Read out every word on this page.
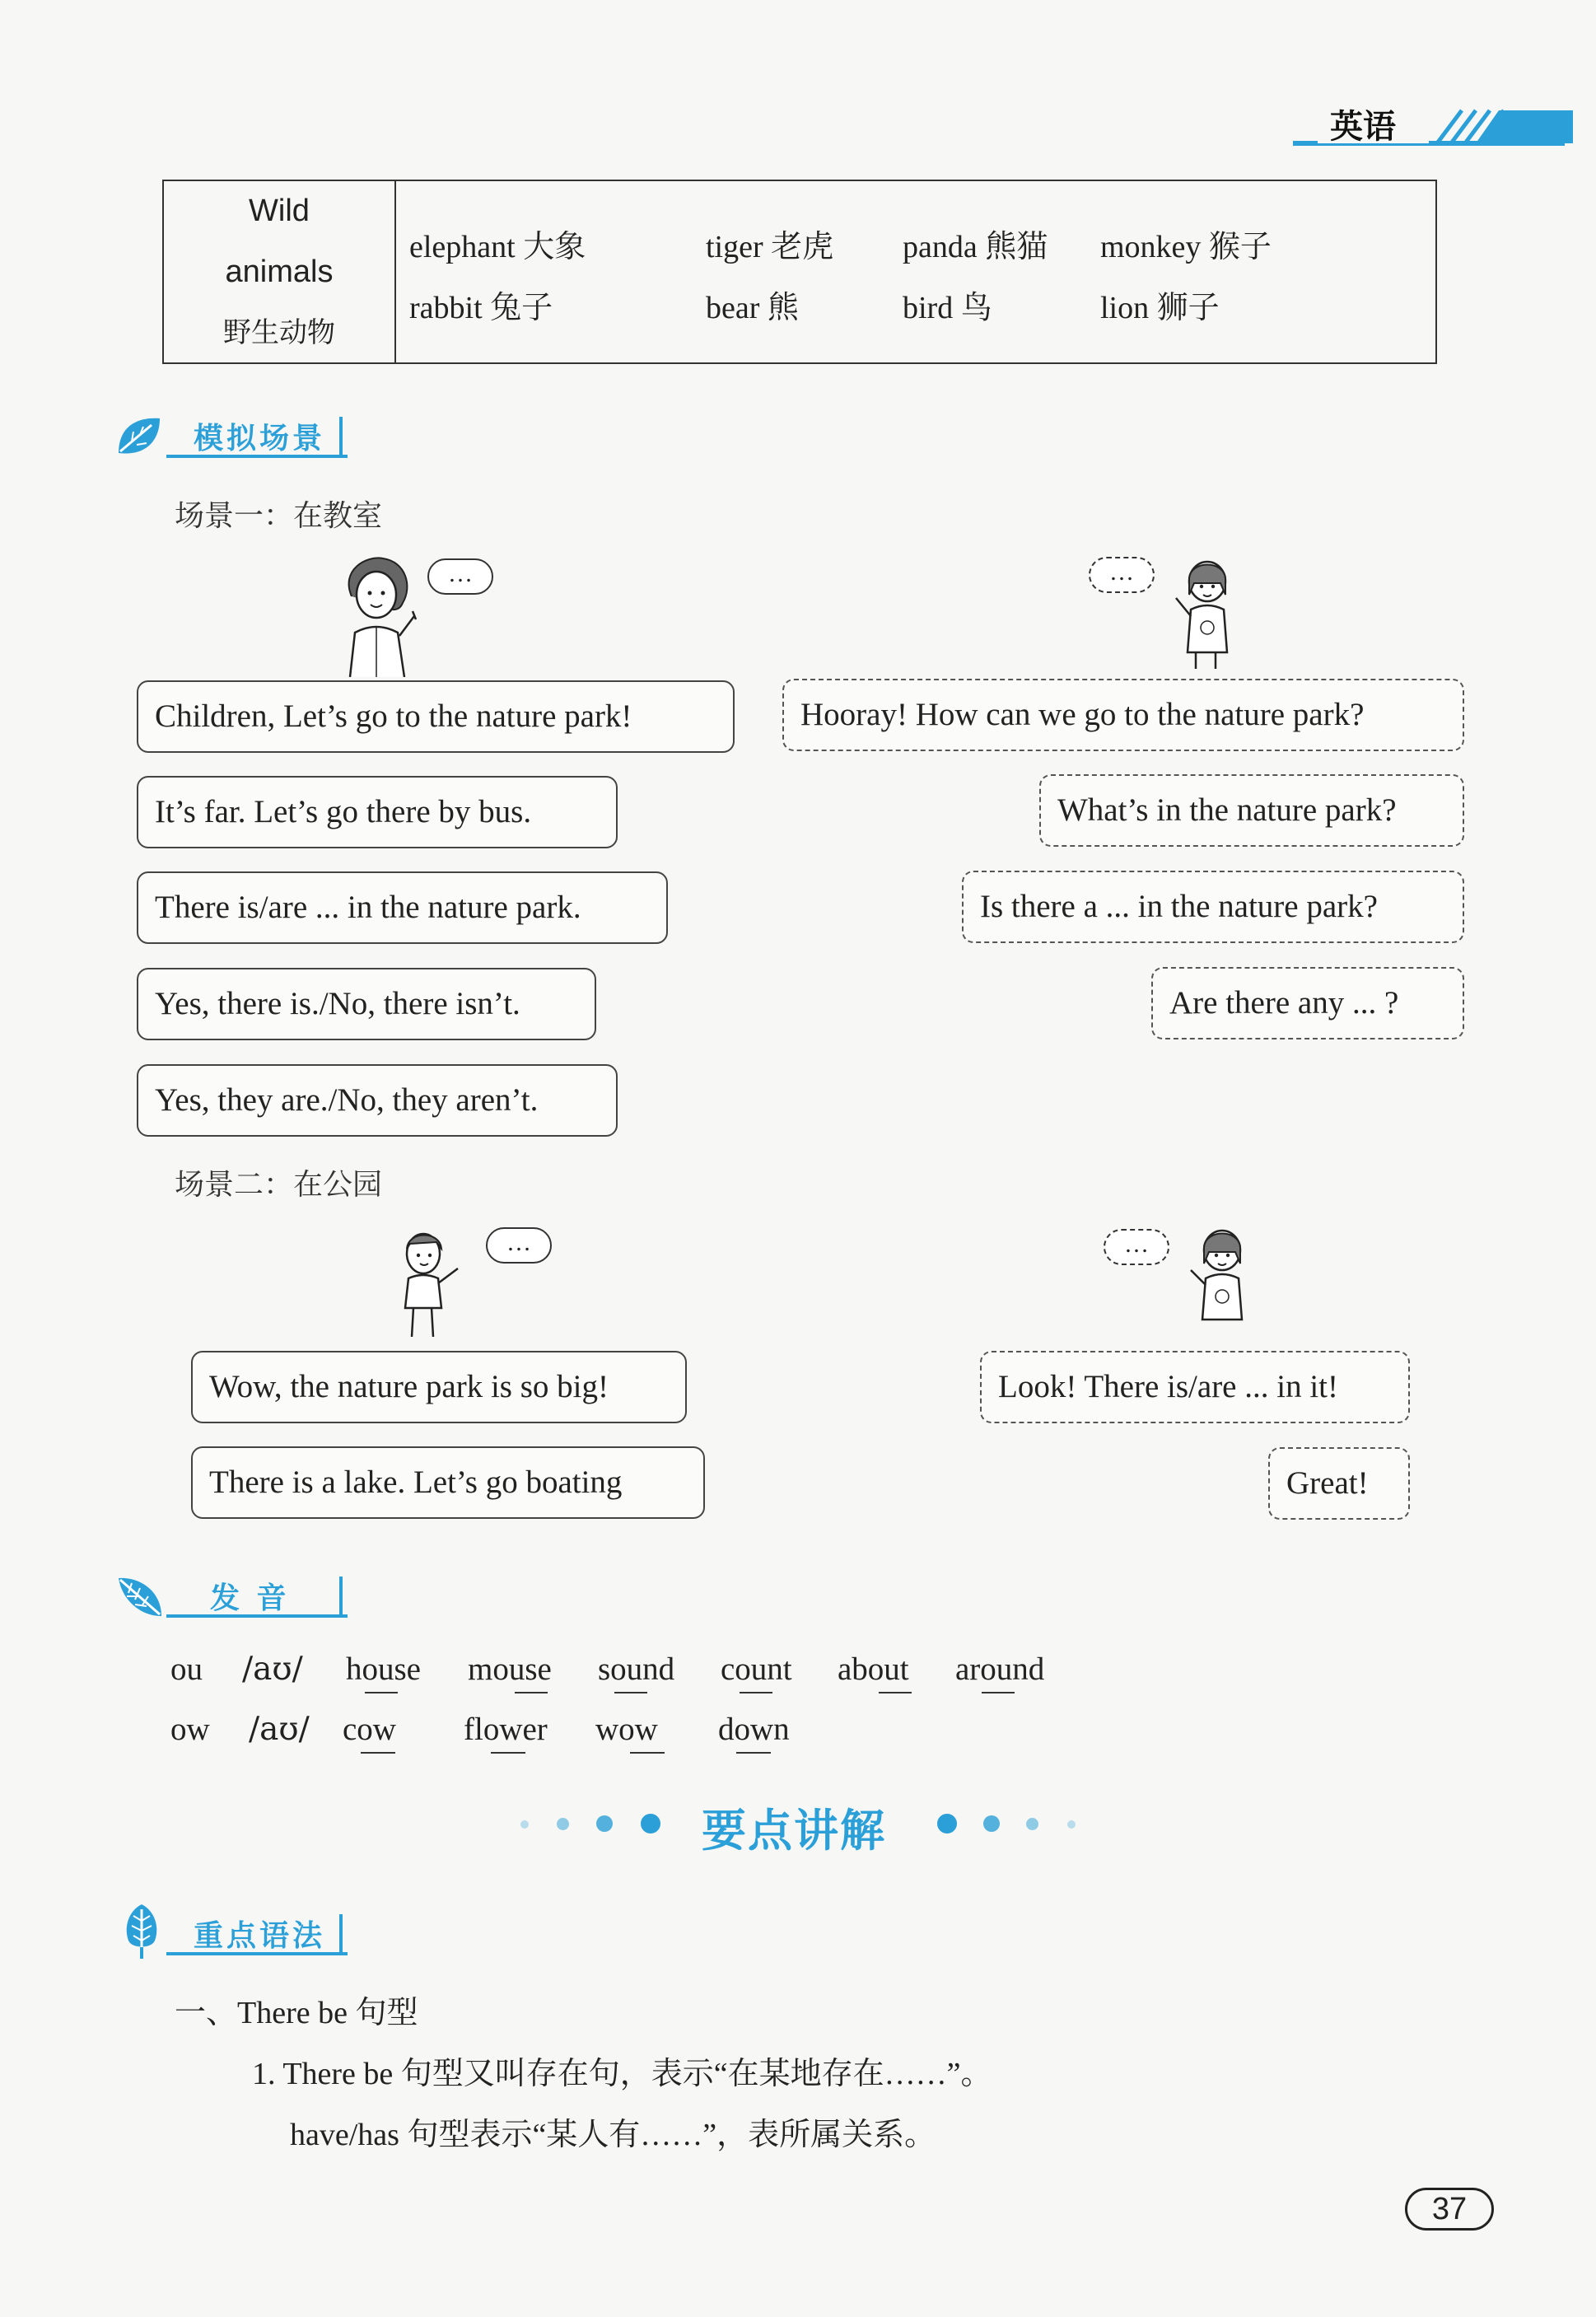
英语
Wild
animals
野生动物
elephant 大象	tiger 老虎 panda 熊猫 monkey 猴子
rabbit 兔子	bear 熊	bird 鸟	lion 狮子
模拟场景
场景一：在教室
…	…
Children, Let’s go to the nature park!
It’s far. Let’s go there by bus.
There is/are ... in the nature park.
Yes, there is./No, there isn’t.
Yes, they are./No, they aren’t.
Hooray! How can we go to the nature park?
What’s in the nature park?
Is there a ... in the nature park?
Are there any ... ?
场景二：在公园
…	…
Wow, the nature park is so big!
There is a lake. Let’s go boating
Look! There is/are ... in it!
Great!
发 音
ou /aʊ/ house mouse sound count about around
ow /aʊ/ cow flower wow down
要点讲解
重点语法
一、There be 句型
1. There be 句型又叫存在句，表示“在某地存在……”。
have/has 句型表示“某人有……”，表所属关系。
37
